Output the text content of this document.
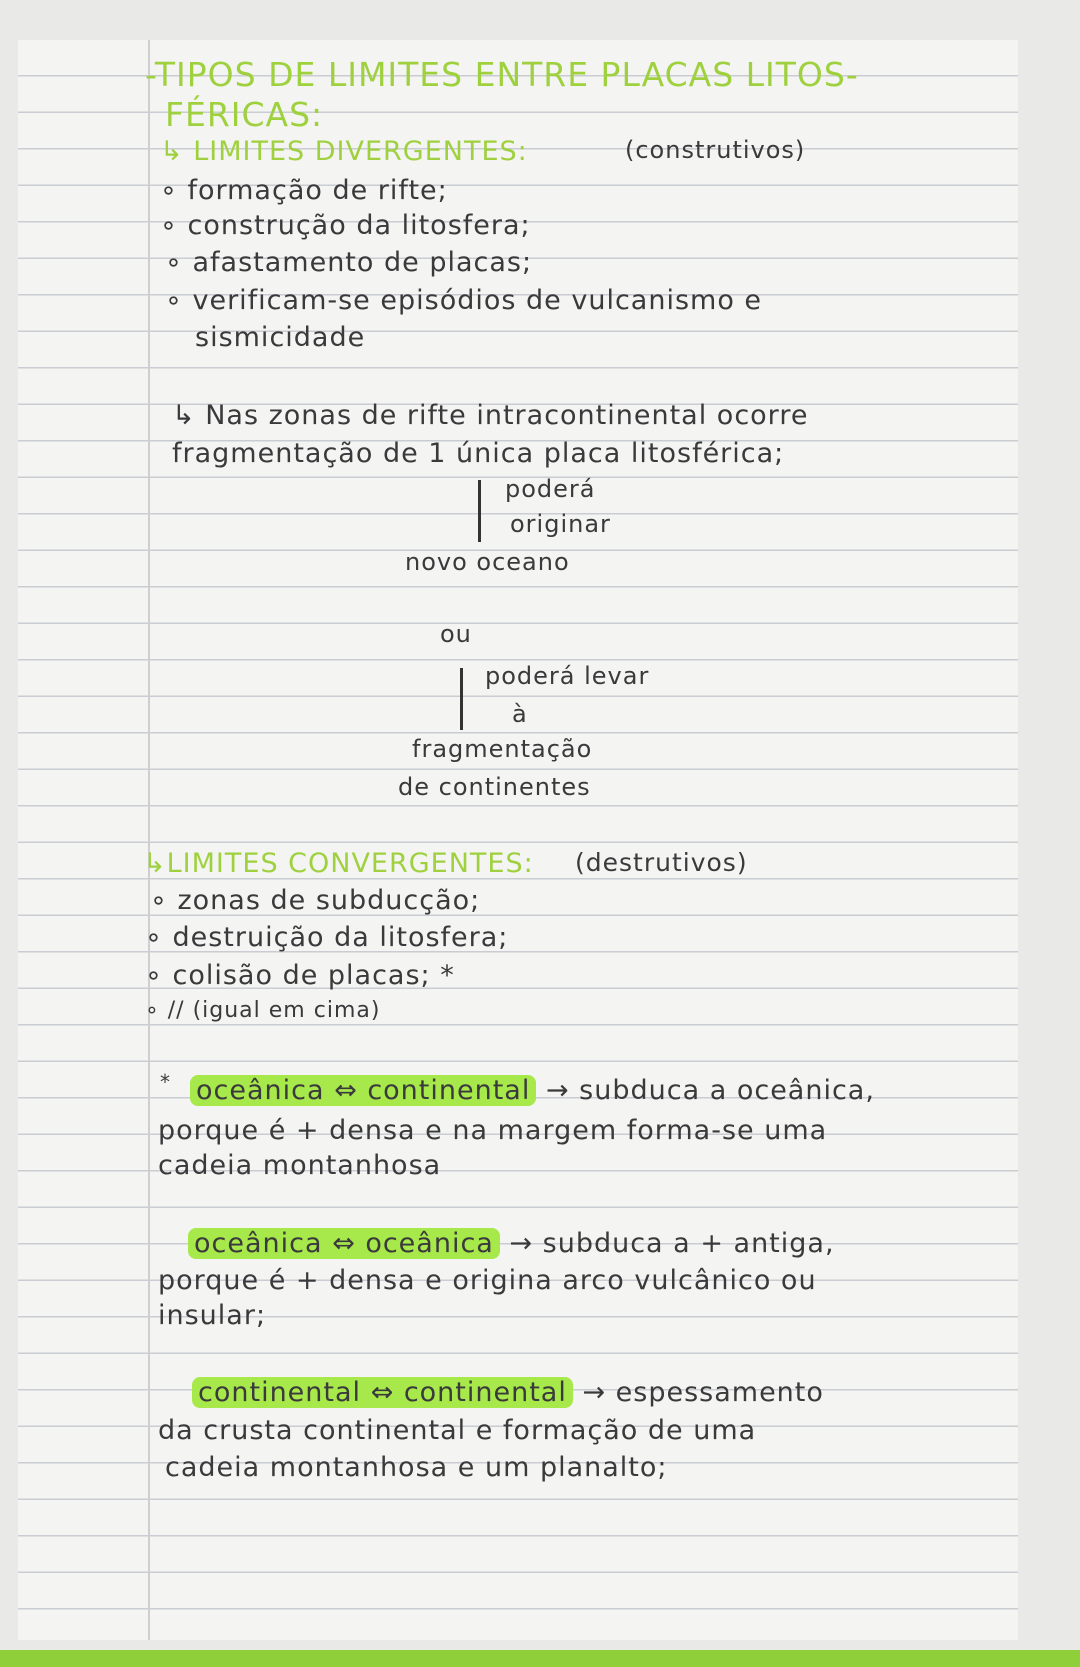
-TIPOS DE LIMITES ENTRE PLACAS LITOS-
FÉRICAS:
↳ LIMITES DIVERGENTES:	(construtivos)
∘ formação de rifte;
∘ construção da litosfera;
∘ afastamento de placas;
∘ verificam-se episódios de vulcanismo e
sismicidade
↳ Nas zonas de rifte intracontinental ocorre
fragmentação de 1 única placa litosférica;
poderá
originar
novo oceano
ou
poderá levar
à
fragmentação
de continentes
↳LIMITES CONVERGENTES: (destrutivos)
∘ zonas de subducção;
∘ destruição da litosfera;
∘ colisão de placas; *
∘ // (igual em cima)
* oceânica ⇔ continental → subduca a oceânica,
porque é + densa e na margem forma-se uma
cadeia montanhosa
oceânica ⇔ oceânica → subduca a + antiga,
porque é + densa e origina arco vulcânico ou
insular;
continental ⇔ continental → espessamento
da crusta continental e formação de uma
cadeia montanhosa e um planalto;
